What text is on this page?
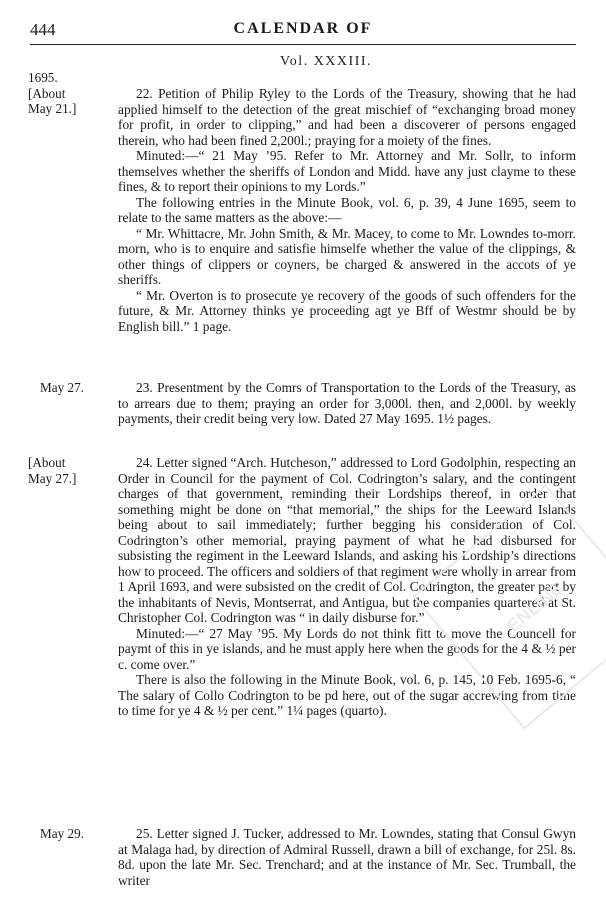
444	CALENDAR OF
Vol. XXXIII.
1695.
[About
May 21.]

22. Petition of Philip Ryley to the Lords of the Treasury, showing that he had applied himself to the detection of the great mischief of “exchanging broad money for profit, in order to clipping,” and had been a discoverer of persons engaged therein, who had been fined 2,200l.; praying for a moiety of the fines.

Minuted:—“ 21 May ’95. Refer to Mr. Attorney and Mr. Sollr, to inform themselves whether the sheriffs of London and Midd. have any just clayme to these fines, & to report their opinions to my Lords.”

The following entries in the Minute Book, vol. 6, p. 39, 4 June 1695, seem to relate to the same matters as the above:—

“ Mr. Whittacre, Mr. John Smith, & Mr. Macey, to come to Mr. Lowndes to-morr. morn, who is to enquire and satisfie himselfe whether the value of the clippings, & other things of clippers or coyners, be charged & answered in the accots of ye sheriffs.

“ Mr. Overton is to prosecute ye recovery of the goods of such offenders for the future, & Mr. Attorney thinks ye proceeding agt ye Bff of Westmr should be by English bill.” 1 page.

May 27.	23. Presentment by the Comrs of Transportation to the Lords of the Treasury, as to arrears due to them; praying an order for 3,000l. then, and 2,000l. by weekly payments, their credit being very low. Dated 27 May 1695. 1½ pages.

[About
May 27.]

24. Letter signed “Arch. Hutcheson,” addressed to Lord Godolphin, respecting an Order in Council for the payment of Col. Codrington’s salary, and the contingent charges of that government, reminding their Lordships thereof, in order that something might be done on “that memorial,” the ships for the Leeward Islands being about to sail immediately; further begging his consideration of Col. Codrington’s other memorial, praying payment of what he had disbursed for subsisting the regiment in the Leeward Islands, and asking his Lordship’s directions how to proceed. The officers and soldiers of that regiment were wholly in arrear from 1 April 1693, and were subsisted on the credit of Col. Codrington, the greater part by the inhabitants of Nevis, Montserrat, and Antigua, but the companies quartered at St. Christopher Col. Codrington was “ in daily disburse for.”

Minuted:—“ 27 May ’95. My Lords do not think fitt to move the Councell for paymt of this in ye islands, and he must apply here when the goods for the 4 & ½ per c. come over.”

There is also the following in the Minute Book, vol. 6, p. 145, 10 Feb. 1695-6, “ The salary of Collo Codrington to be pd here, out of the sugar accrewing from time to time for ye 4 & ½ per cent.” 1¼ pages (quarto).

May 29.	25. Letter signed J. Tucker, addressed to Mr. Lowndes, stating that Consul Gwyn at Malaga had, by direction of Admiral Russell, drawn a bill of exchange, for 25l. 8s. 8d. upon the late Mr. Sec. Trenchard; and at the instance of Mr. Sec. Trumball, the writer

ENLINE
